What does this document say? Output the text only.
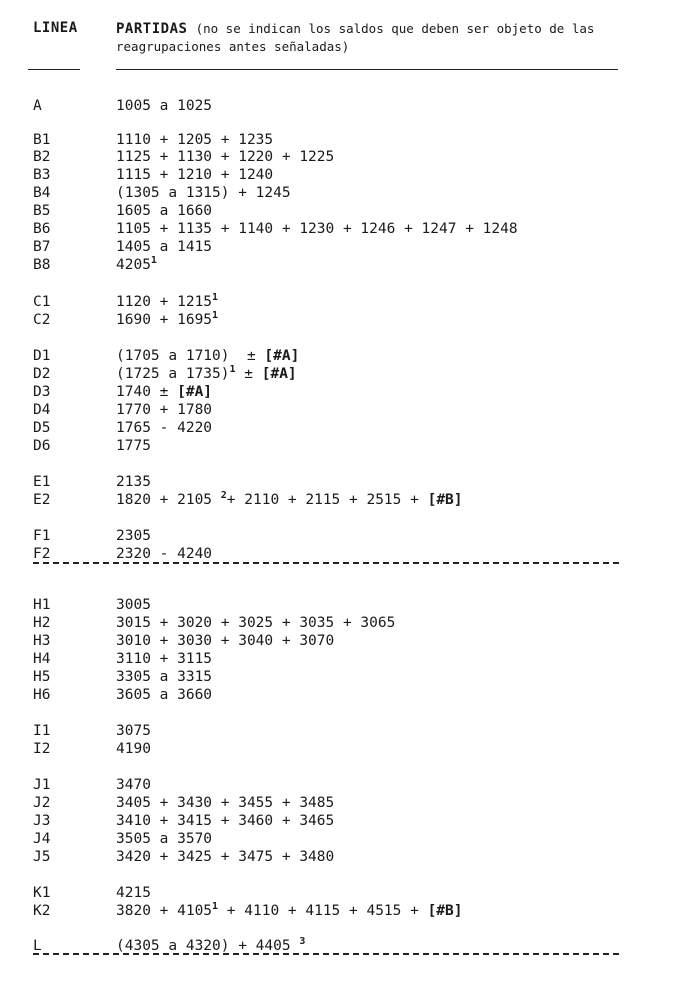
LINEA	PARTIDAS (no se indican los saldos que deben ser objeto de las reagrupaciones antes señaladas)
A	1005 a 1025
B1	1110 + 1205 + 1235
B2	1125 + 1130 + 1220 + 1225
B3	1115 + 1210 + 1240
B4	(1305 a 1315) + 1245
B5	1605 a 1660
B6	1105 + 1135 + 1140 + 1230 + 1246 + 1247 + 1248
B7	1405 a 1415
B8	4205$^1$
C1	$1120 + 1215^1$
C2	$1690 + 1695^1$
D1	(1705 a 1710)  ± [#A]
D2	(1725 a 1735)$^1$ ± [#A]
D3	1740 ± [#A]
D4	1770 + 1780
D5	1765 - 4220
D6	1775
E1	2135
E2	1820 + 2105 $^2$+ 2110 + 2115 + 2515 + [#B]
F1	2305
F2	2320 - 4240
H1	3005
H2	3015 + 3020 + 3025 + 3035 + 3065
H3	3010 + 3030 + 3040 + 3070
H4	3110 + 3115
H5	3305 a 3315
H6	3605 a 3660
I1	3075
I2	4190
J1	3470
J2	3405 + 3430 + 3455 + 3485
J3	3410 + 3415 + 3460 + 3465
J4	3505 a 3570
J5	3420 + 3425 + 3475 + 3480
K1	4215
K2	$3820 + 4105^1 + 4110 + 4115 + 4515$ + [#B]
L	(4305 a 4320) + 4405 $^3$
